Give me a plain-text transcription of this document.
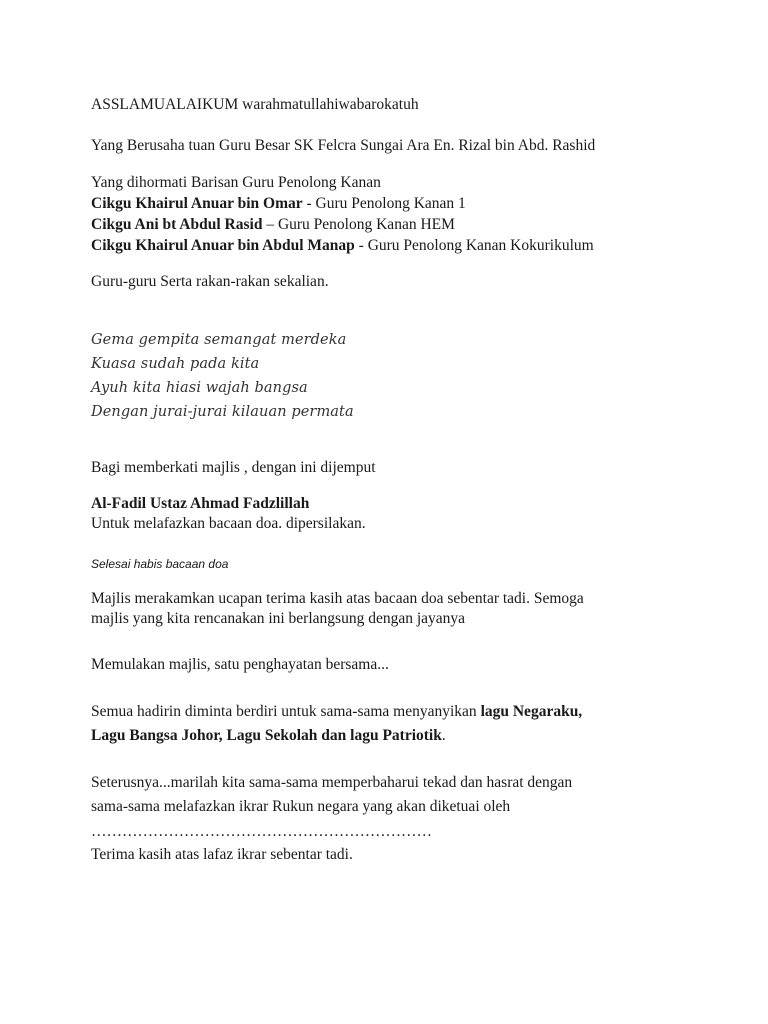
ASSLAMUALAIKUM warahmatullahiwabarokatuh
Yang Berusaha tuan Guru Besar SK Felcra Sungai Ara En. Rizal bin Abd. Rashid
Yang dihormati Barisan Guru Penolong Kanan
Cikgu Khairul Anuar bin Omar - Guru Penolong Kanan 1
Cikgu Ani bt Abdul Rasid – Guru Penolong Kanan HEM
Cikgu Khairul Anuar bin Abdul Manap - Guru Penolong Kanan Kokurikulum
Guru-guru Serta rakan-rakan sekalian.
Gema gempita semangat merdeka
Kuasa sudah pada kita
Ayuh kita hiasi wajah bangsa
Dengan jurai-jurai kilauan permata
Bagi memberkati majlis , dengan ini dijemput
Al-Fadil Ustaz Ahmad Fadzlillah
Untuk melafazkan bacaan doa. dipersilakan.
Selesai habis bacaan doa
Majlis merakamkan ucapan terima kasih atas bacaan doa sebentar tadi. Semoga
majlis yang kita rencanakan ini berlangsung dengan jayanya
Memulakan majlis, satu penghayatan bersama...
Semua hadirin diminta berdiri untuk sama-sama menyanyikan lagu Negaraku,
Lagu Bangsa Johor, Lagu Sekolah dan lagu Patriotik.
Seterusnya...marilah kita sama-sama memperbaharui tekad dan hasrat dengan
sama-sama melafazkan ikrar Rukun negara yang akan diketuai oleh
…………………………………………………………
Terima kasih atas lafaz ikrar sebentar tadi.
